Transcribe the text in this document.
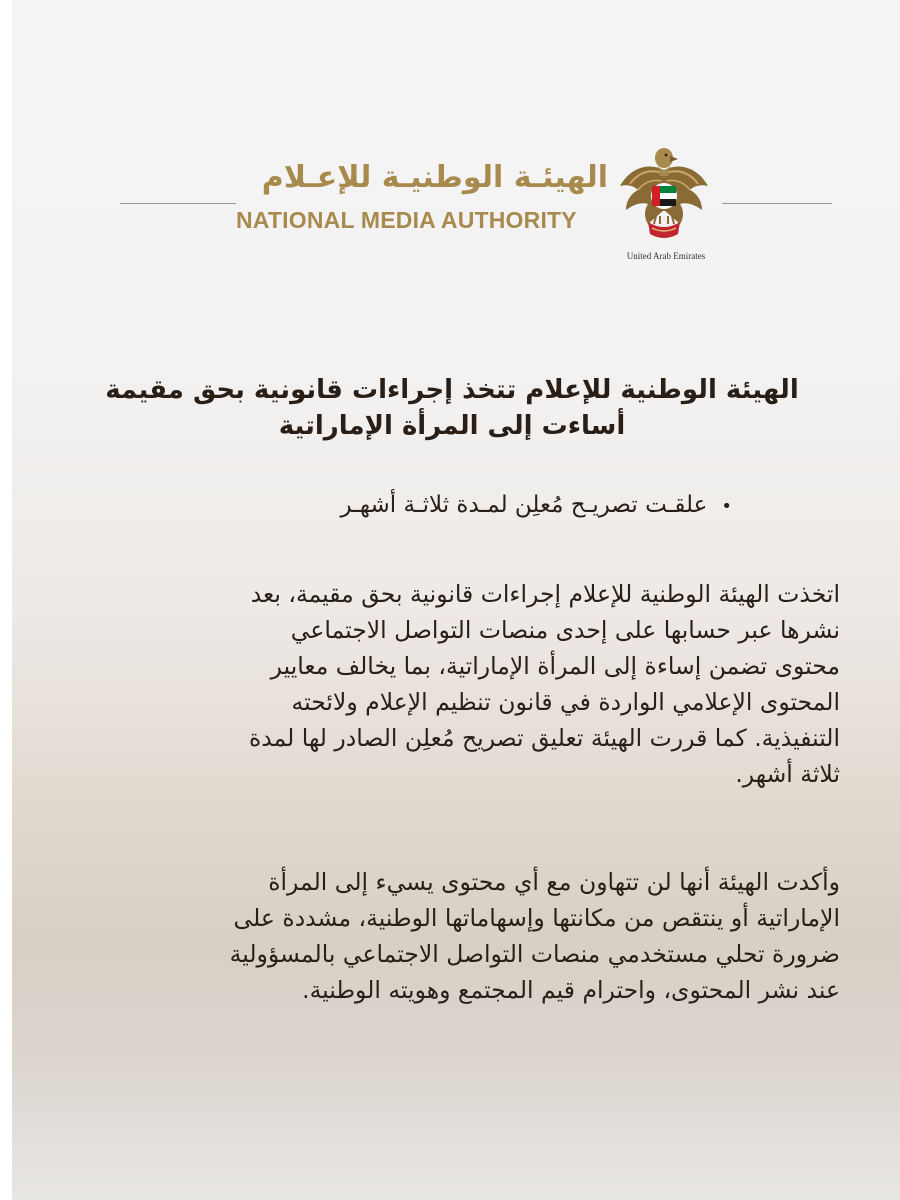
الهيئـة الوطنيـة للإعـلام
NATIONAL MEDIA AUTHORITY
United Arab Emirates
الهيئة الوطنية للإعلام تتخذ إجراءات قانونية بحق مقيمة
أساءت إلى المرأة الإماراتية
•علقـت تصريـح مُعلِن لمـدة ثلاثـة أشهـر
اتخذت الهيئة الوطنية للإعلام إجراءات قانونية بحق مقيمة، بعد
نشرها عبر حسابها على إحدى منصات التواصل الاجتماعي
محتوى تضمن إساءة إلى المرأة الإماراتية، بما يخالف معايير
المحتوى الإعلامي الواردة في قانون تنظيم الإعلام ولائحته
التنفيذية. كما قررت الهيئة تعليق تصريح مُعلِن الصادر لها لمدة
ثلاثة أشهر.
وأكدت الهيئة أنها لن تتهاون مع أي محتوى يسيء إلى المرأة
الإماراتية أو ينتقص من مكانتها وإسهاماتها الوطنية، مشددة على
ضرورة تحلي مستخدمي منصات التواصل الاجتماعي بالمسؤولية
عند نشر المحتوى، واحترام قيم المجتمع وهويته الوطنية.
